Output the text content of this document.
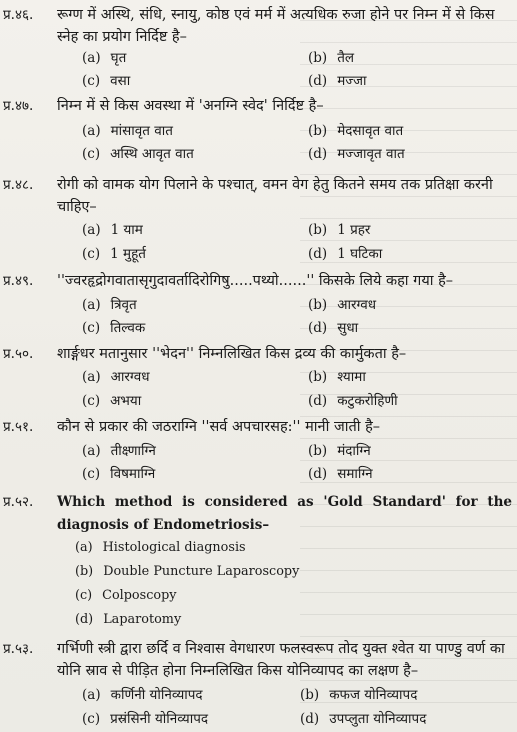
प्र.४६. रूग्ण में अस्थि, संधि, स्नायु, कोष्ठ एवं मर्म में अत्यधिक रुजा होने पर निम्न में से किस स्नेह का प्रयोग निर्दिष्ट है–
(a) घृत	(b) तैल
(c) वसा	(d) मज्जा
प्र.४७. निम्न में से किस अवस्था में 'अनग्नि स्वेद' निर्दिष्ट है–
(a) मांसावृत वात	(b) मेदसावृत वात
(c) अस्थि आवृत वात	(d) मज्जावृत वात
प्र.४८. रोगी को वामक योग पिलाने के पश्चात्, वमन वेग हेतु कितने समय तक प्रतिक्षा करनी चाहिए–
(a) 1 याम	(b) 1 प्रहर
(c) 1 मुहूर्त	(d) 1 घटिका
प्र.४९. ''ज्वरहृद्रोगवातासृगुदावर्तादिरोगिषु.....पथ्यो......'' किसके लिये कहा गया है–
(a) त्रिवृत	(b) आरग्वध
(c) तिल्वक	(d) सुधा
प्र.५०. शार्ङ्गधर मतानुसार ''भेदन'' निम्नलिखित किस द्रव्य की कार्मुकता है–
(a) आरग्वध	(b) श्यामा
(c) अभया	(d) कटुकरोहिणी
प्र.५१. कौन से प्रकार की जठराग्नि ''सर्व अपचारसह:'' मानी जाती है–
(a) तीक्ष्णाग्नि	(b) मंदाग्नि
(c) विषमाग्नि	(d) समाग्नि
प्र.५२. Which method is considered as 'Gold Standard' for the diagnosis of Endometriosis–
(a) Histological diagnosis
(b) Double Puncture Laparoscopy
(c) Colposcopy
(d) Laparotomy
प्र.५३. गर्भिणी स्त्री द्वारा छर्दि व निश्वास वेगधारण फलस्वरूप तोद युक्त श्वेत या पाण्डु वर्ण का योनि स्राव से पीड़ित होना निम्नलिखित किस योनिव्यापद का लक्षण है–
(a) कर्णिनी योनिव्यापद	(b) कफज योनिव्यापद
(c) प्रस्रंसिनी योनिव्यापद	(d) उपप्लुता योनिव्यापद
